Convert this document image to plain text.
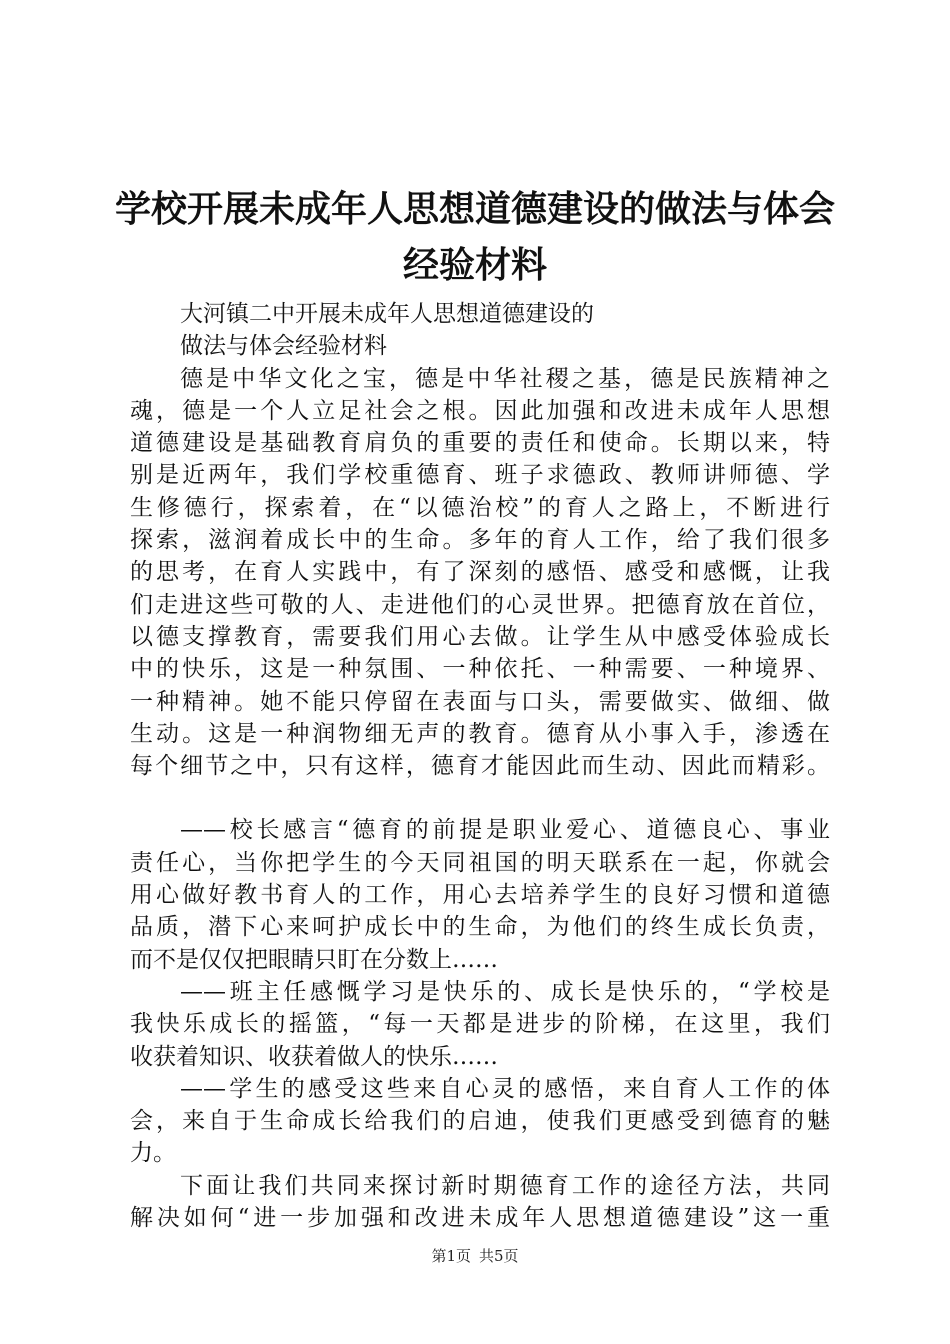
学校开展未成年人思想道德建设的做法与体会
经验材料
大河镇二中开展未成年人思想道德建设的
做法与体会经验材料
德是中华文化之宝，德是中华社稷之基，德是民族精神之
魂，德是一个人立足社会之根。因此加强和改进未成年人思想
道德建设是基础教育肩负的重要的责任和使命。长期以来，特
别是近两年，我们学校重德育、班子求德政、教师讲师德、学
生修德行，探索着，在“以德治校”的育人之路上，不断进行
探索，滋润着成长中的生命。多年的育人工作，给了我们很多
的思考，在育人实践中，有了深刻的感悟、感受和感慨，让我
们走进这些可敬的人、走进他们的心灵世界。把德育放在首位，
以德支撑教育，需要我们用心去做。让学生从中感受体验成长
中的快乐，这是一种氛围、一种依托、一种需要、一种境界、
一种精神。她不能只停留在表面与口头，需要做实、做细、做
生动。这是一种润物细无声的教育。德育从小事入手，渗透在
每个细节之中，只有这样，德育才能因此而生动、因此而精彩。
——校长感言“德育的前提是职业爱心、道德良心、事业
责任心，当你把学生的今天同祖国的明天联系在一起，你就会
用心做好教书育人的工作，用心去培养学生的良好习惯和道德
品质，潜下心来呵护成长中的生命，为他们的终生成长负责，
而不是仅仅把眼睛只盯在分数上……
——班主任感慨学习是快乐的、成长是快乐的，“学校是
我快乐成长的摇篮，“每一天都是进步的阶梯，在这里，我们
收获着知识、收获着做人的快乐……
——学生的感受这些来自心灵的感悟，来自育人工作的体
会，来自于生命成长给我们的启迪，使我们更感受到德育的魅
力。
下面让我们共同来探讨新时期德育工作的途径方法，共同
解决如何“进一步加强和改进未成年人思想道德建设”这一重
第1页 共5页
